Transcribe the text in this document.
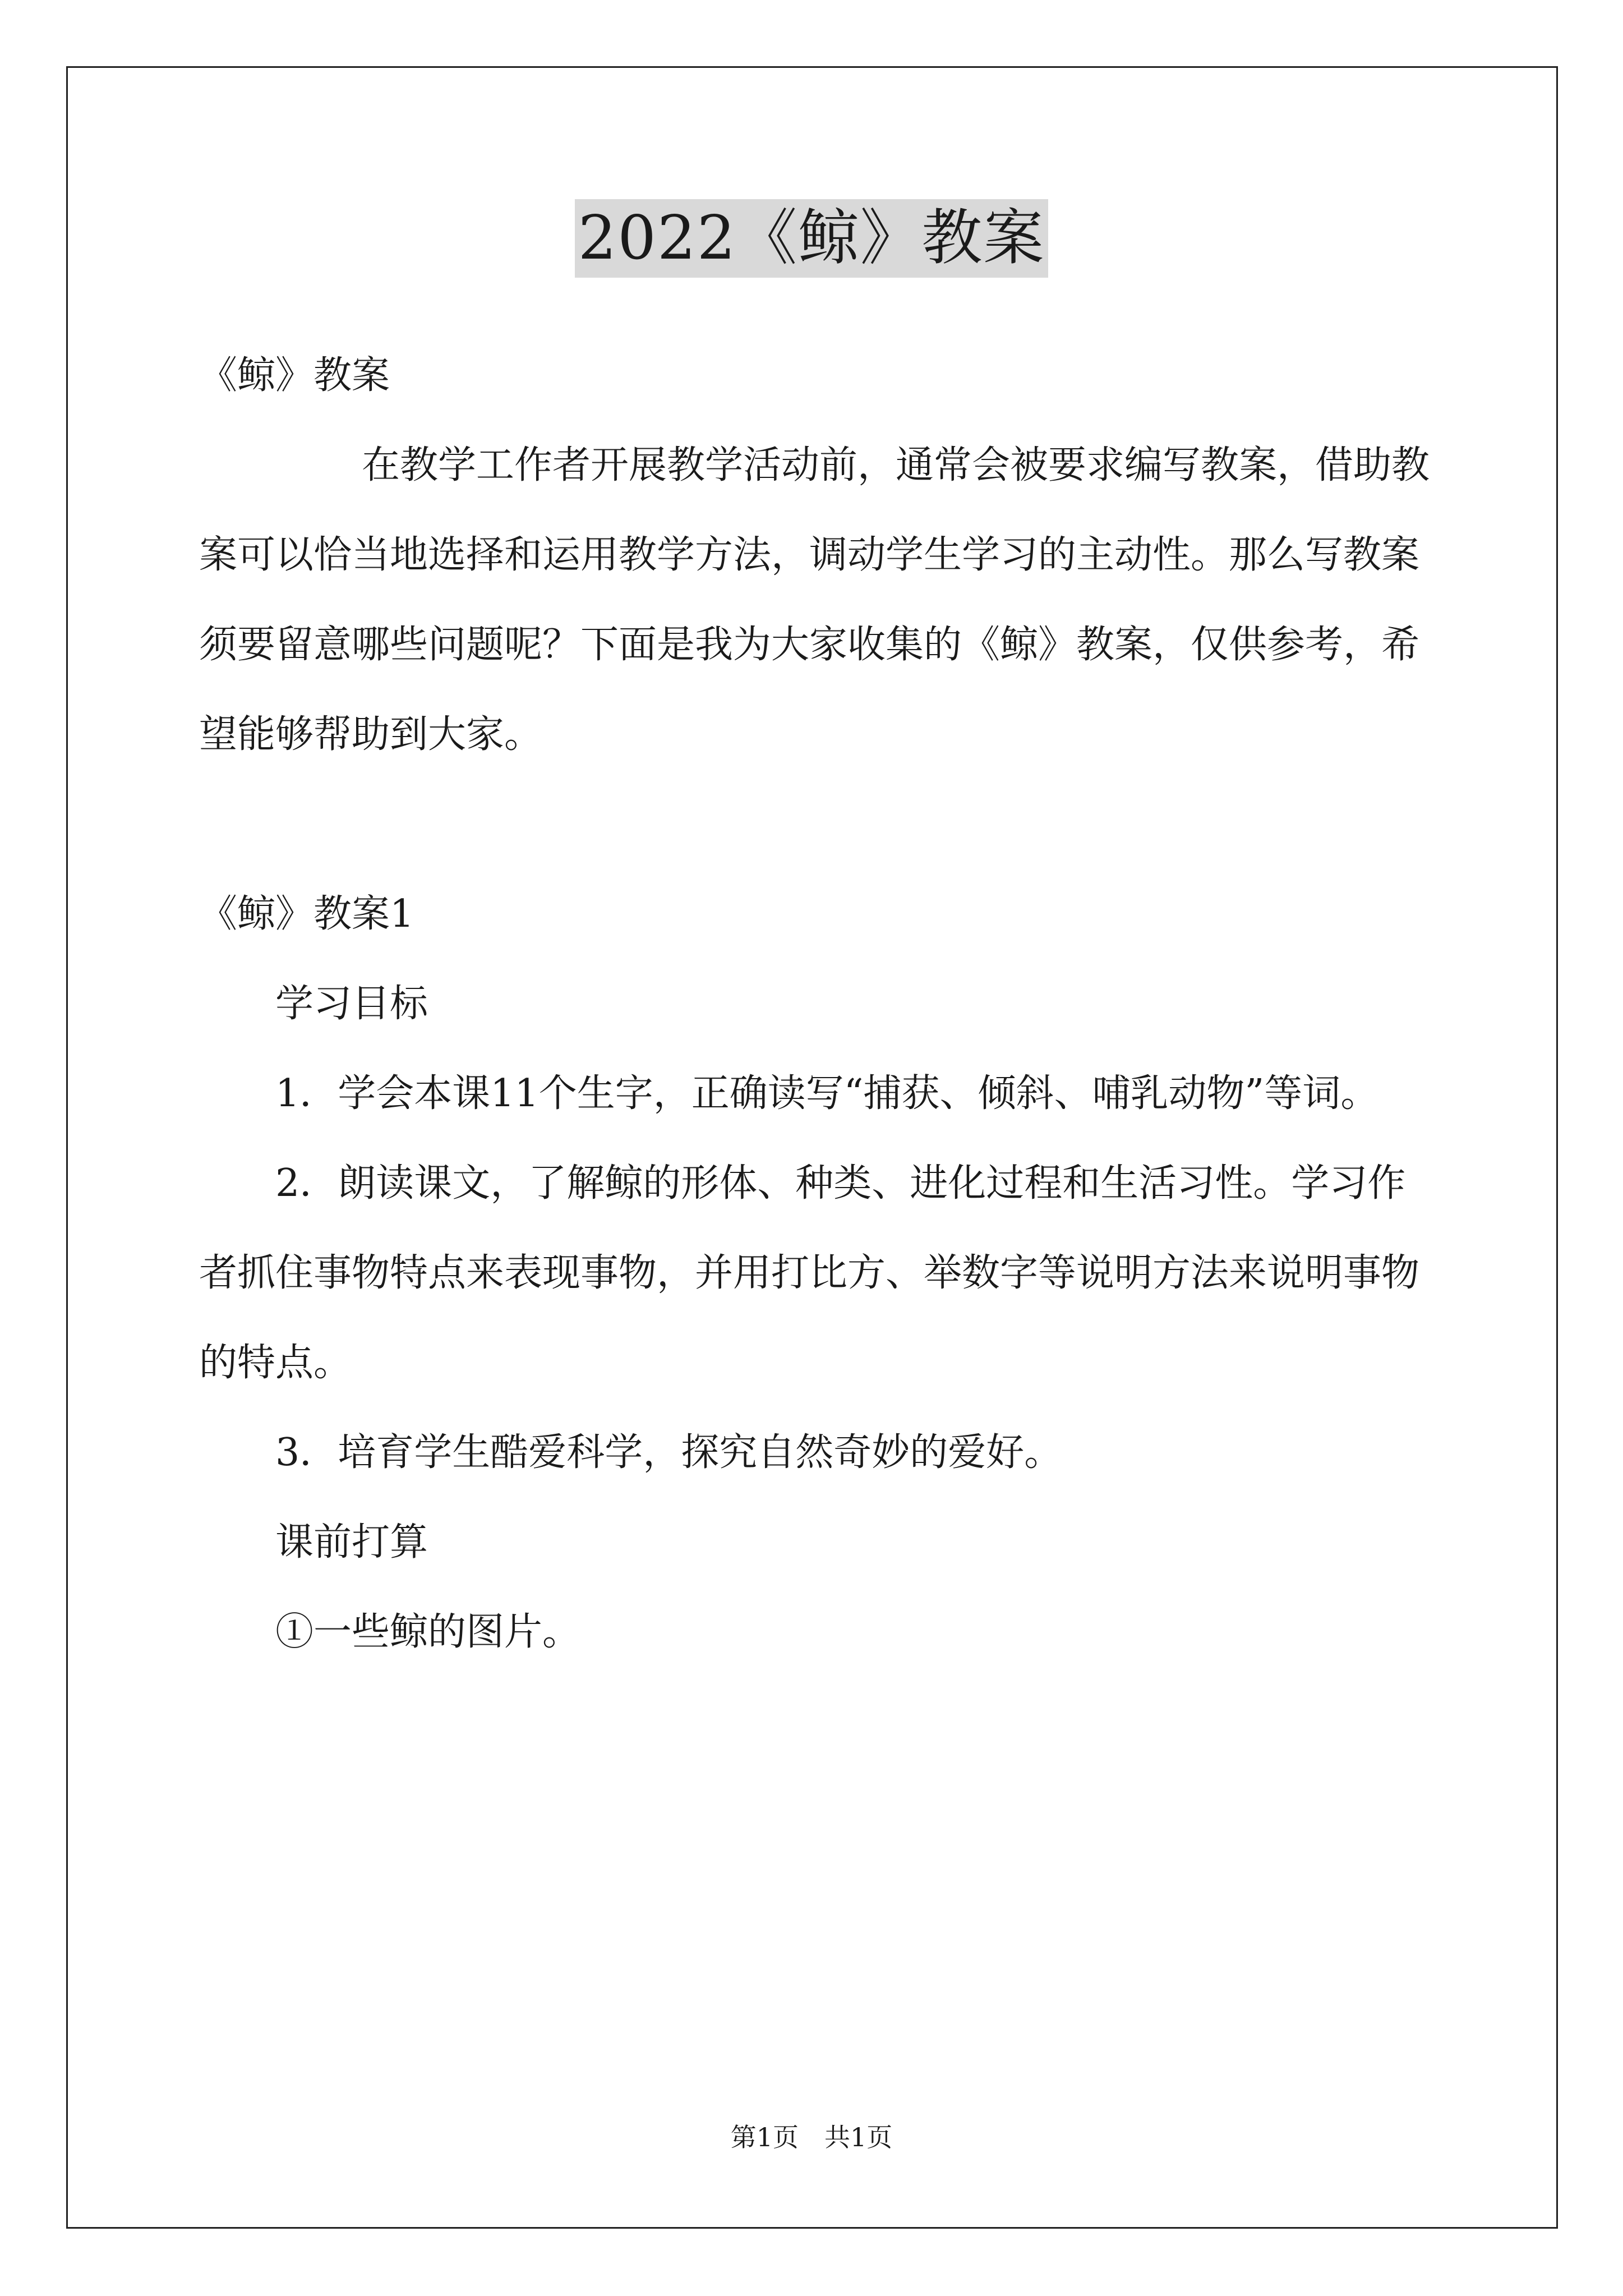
2022《鲸》教案

《鲸》教案

在教学工作者开展教学活动前，通常会被要求编写教案，借助教案可以恰当地选择和运用教学方法，调动学生学习的主动性。那么写教案须要留意哪些问题呢？下面是我为大家收集的《鲸》教案，仅供参考，希望能够帮助到大家。

《鲸》教案1

学习目标

1．学会本课11个生字，正确读写“捕获、倾斜、哺乳动物”等词。

2．朗读课文，了解鲸的形体、种类、进化过程和生活习性。学习作者抓住事物特点来表现事物，并用打比方、举数字等说明方法来说明事物的特点。

3．培育学生酷爱科学，探究自然奇妙的爱好。

课前打算

①一些鲸的图片。

第1页　共1页
